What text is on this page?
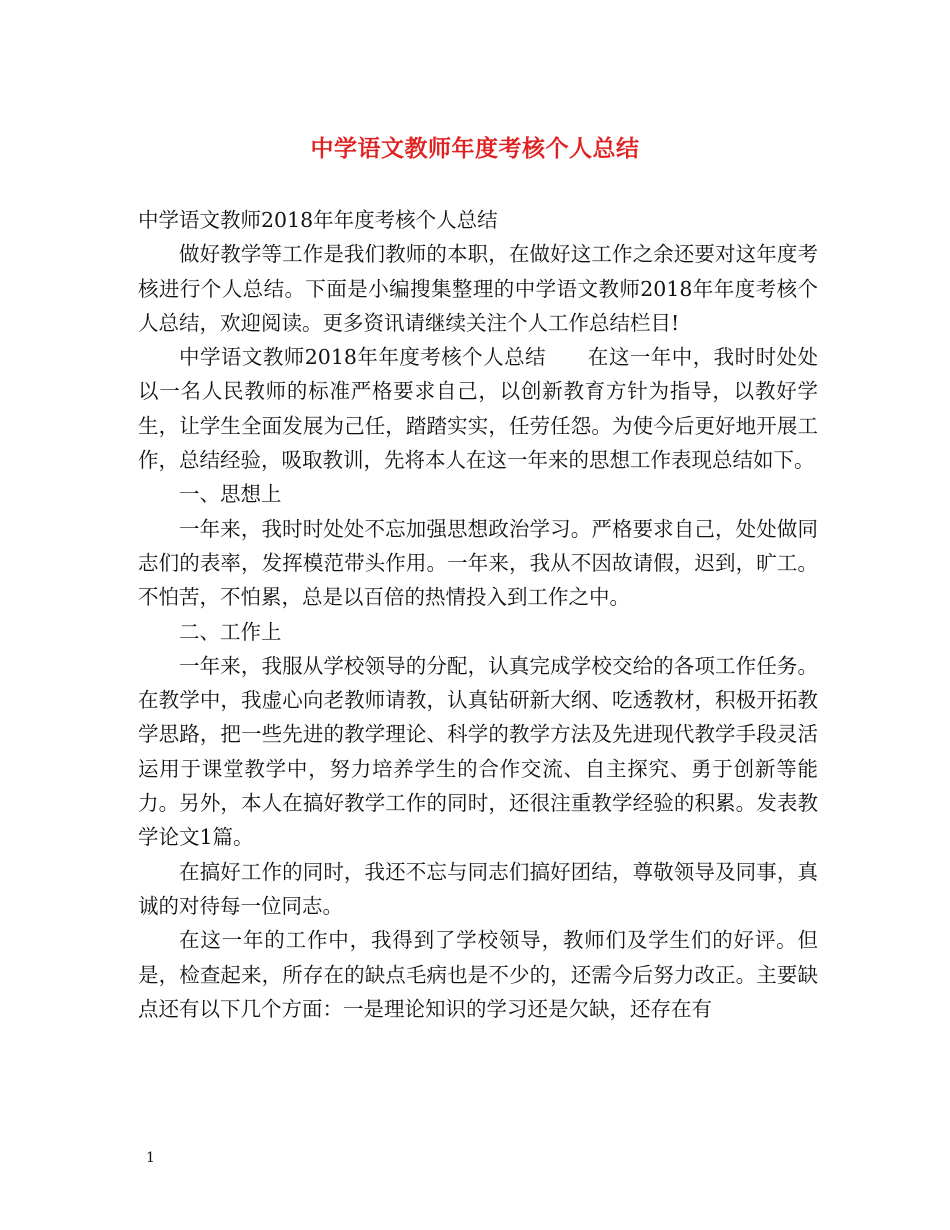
中学语文教师年度考核个人总结

中学语文教师2018年年度考核个人总结

做好教学等工作是我们教师的本职，在做好这工作之余还要对这年度考核进行个人总结。下面是小编搜集整理的中学语文教师2018年年度考核个人总结，欢迎阅读。更多资讯请继续关注个人工作总结栏目!

中学语文教师2018年年度考核个人总结　　在这一年中，我时时处处以一名人民教师的标准严格要求自己，以创新教育方针为指导，以教好学生，让学生全面发展为己任，踏踏实实，任劳任怨。为使今后更好地开展工作，总结经验，吸取教训，先将本人在这一年来的思想工作表现总结如下。

一、思想上

一年来，我时时处处不忘加强思想政治学习。严格要求自己，处处做同志们的表率，发挥模范带头作用。一年来，我从不因故请假，迟到，旷工。不怕苦，不怕累，总是以百倍的热情投入到工作之中。

二、工作上

一年来，我服从学校领导的分配，认真完成学校交给的各项工作任务。在教学中，我虚心向老教师请教，认真钻研新大纲、吃透教材，积极开拓教学思路，把一些先进的教学理论、科学的教学方法及先进现代教学手段灵活运用于课堂教学中，努力培养学生的合作交流、自主探究、勇于创新等能力。另外，本人在搞好教学工作的同时，还很注重教学经验的积累。发表教学论文1篇。

在搞好工作的同时，我还不忘与同志们搞好团结，尊敬领导及同事，真诚的对待每一位同志。

在这一年的工作中，我得到了学校领导，教师们及学生们的好评。但是，检查起来，所存在的缺点毛病也是不少的，还需今后努力改正。主要缺点还有以下几个方面：一是理论知识的学习还是欠缺，还存在有

1
